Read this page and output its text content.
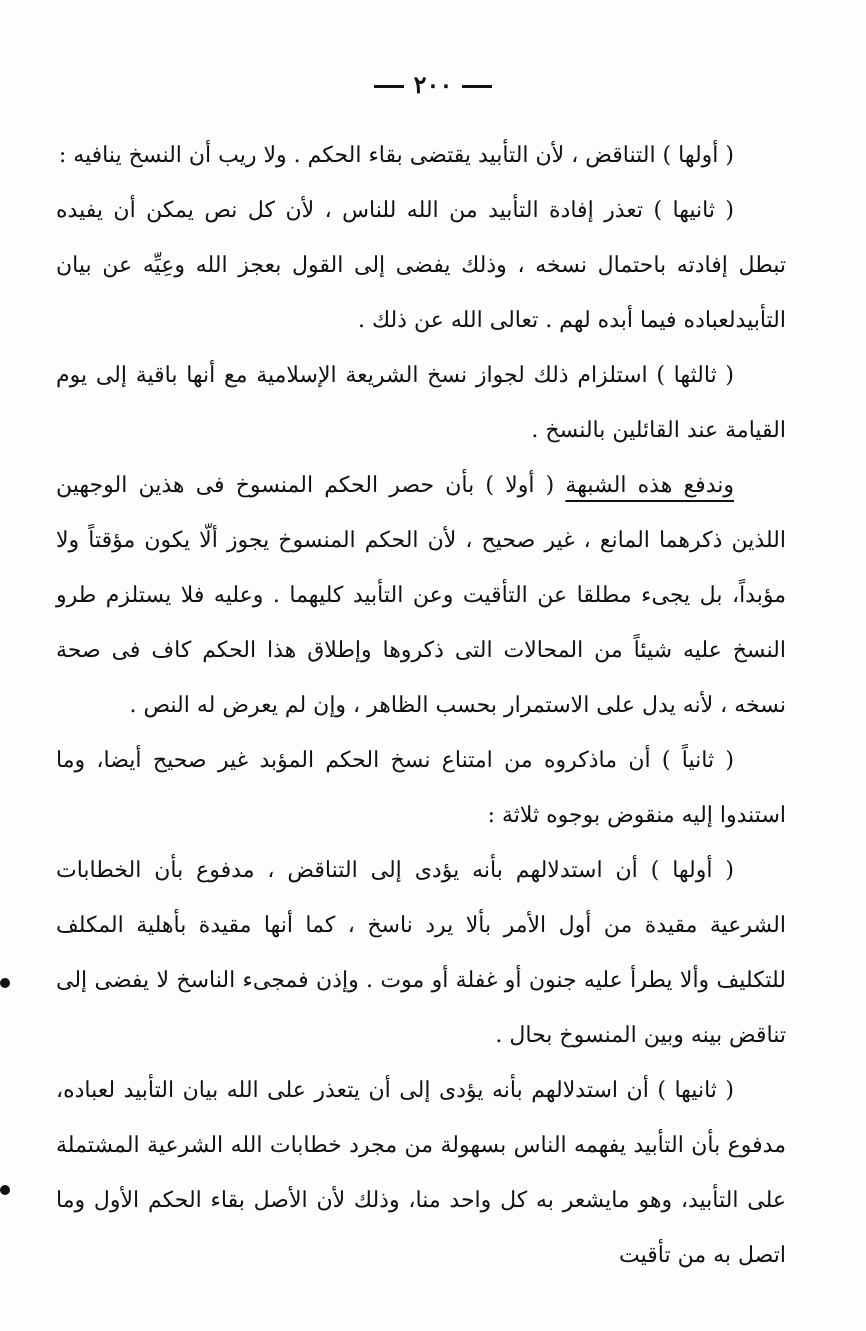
٢٠٠

( أولها ) التناقض ، لأن التأبيد يقتضى بقاء الحكم . ولا ريب أن النسخ ينافيه :

( ثانيها ) تعذر إفادة التأبيد من الله للناس ، لأن كل نص يمكن أن يفيده تبطل إفادته باحتمال نسخه ، وذلك يفضى إلى القول بعجز الله وعِيِّه عن بيان التأبيدلعباده فيما أبده لهم . تعالى الله عن ذلك .

( ثالثها ) استلزام ذلك لجواز نسخ الشريعة الإسلامية مع أنها باقية إلى يوم القيامة عند القائلين بالنسخ .

وندفع هذه الشبهة ( أولا ) بأن حصر الحكم المنسوخ فى هذين الوجهين اللذين ذكرهما المانع ، غير صحيح ، لأن الحكم المنسوخ يجوز ألّا يكون مؤقتاً ولا مؤبداً، بل يجىء مطلقا عن التأقيت وعن التأبيد كليهما . وعليه فلا يستلزم طرو النسخ عليه شيئاً من المحالات التى ذكروها وإطلاق هذا الحكم كاف فى صحة نسخه ، لأنه يدل على الاستمرار بحسب الظاهر ، وإن لم يعرض له النص .

( ثانياً ) أن ماذكروه من امتناع نسخ الحكم المؤبد غير صحيح أيضا، وما استندوا إليه منقوض بوجوه ثلاثة :

( أولها ) أن استدلالهم بأنه يؤدى إلى التناقض ، مدفوع بأن الخطابات الشرعية مقيدة من أول الأمر بألا يرد ناسخ ، كما أنها مقيدة بأهلية المكلف للتكليف وألا يطرأ عليه جنون أو غفلة أو موت . وإذن فمجىء الناسخ لا يفضى إلى تناقض بينه وبين المنسوخ بحال .

( ثانيها ) أن استدلالهم بأنه يؤدى إلى أن يتعذر على الله بيان التأبيد لعباده، مدفوع بأن التأبيد يفهمه الناس بسهولة من مجرد خطابات الله الشرعية المشتملة على التأبيد، وهو مايشعر به كل واحد منا، وذلك لأن الأصل بقاء الحكم الأول وما اتصل به من تأقيت
